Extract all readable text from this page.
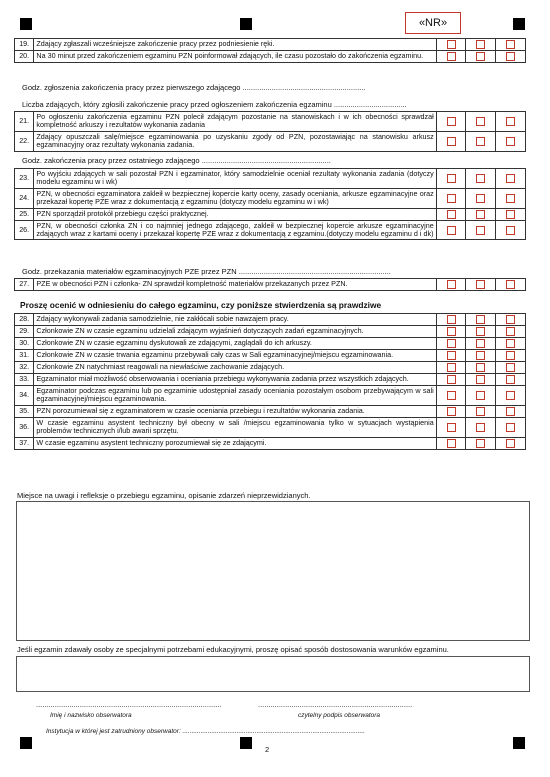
«NR»
19.	Zdający zgłaszali wcześniejsze zakończenie pracy przez podniesienie ręki.			
20.	Na 30 minut przed zakończeniem egzaminu PZN poinformował zdających, ile czasu pozostało do zakończenia egzaminu.			
Godz. zgłoszenia zakończenia pracy przez pierwszego zdającego ...........................................................
Liczba zdających, który zgłosili zakończenie pracy przed ogłoszeniem zakończenia egzaminu ...................................
21.	Po ogłoszeniu zakończenia egzaminu PZN polecił zdającym pozostanie na stanowiskach i w ich obecności sprawdzał kompletność arkuszy i rezultatów wykonania zadania			
22.	Zdający opuszczali salę/miejsce egzaminowania po uzyskaniu zgody od PZN, pozostawiając na stanowisku arkusz egzaminacyjny oraz rezultaty wykonania zadania.			
Godz. zakończenia pracy przez ostatniego zdającego ..............................................................
23.	Po wyjściu zdających w sali pozostał PZN i egzaminator, który samodzielnie oceniał rezultaty wykonania zadania (dotyczy modelu egzaminu w i wk)			
24.	PZN, w obecności egzaminatora zakleił w bezpiecznej kopercie karty oceny, zasady oceniania, arkusze egzaminacyjne oraz przekazał kopertę PZE wraz z dokumentacją z egzaminu (dotyczy modelu egzaminu w i wk)			
25.	PZN sporządził protokół przebiegu części praktycznej.			
26.	PZN, w obecności członka ZN i co najmniej jednego zdającego, zakleił w bezpiecznej kopercie arkusze egzaminacyjne zdających wraz z kartami oceny i przekazał kopertę PZE wraz z dokumentacją z egzaminu.(dotyczy modelu egzaminu d i dk)			
Godz. przekazania materiałów egzaminacyjnych PZE przez PZN .........................................................................
27.	PZE w obecności PZN i członka- ZN sprawdził kompletność materiałów przekazanych przez PZN.			
Proszę ocenić w odniesieniu do całego egzaminu, czy poniższe stwierdzenia są prawdziwe
28.	Zdający wykonywali zadania samodzielnie, nie zakłócali sobie nawzajem pracy.			
29.	Członkowie ZN w czasie egzaminu udzielali zdającym wyjaśnień dotyczących zadań egzaminacyjnych.			
30.	Członkowie ZN w czasie egzaminu dyskutowali ze zdającymi, zaglądali do ich arkuszy.			
31.	Członkowie ZN w czasie trwania egzaminu przebywali cały czas w Sali egzaminacyjnej/miejscu egzaminowania.			
32.	Członkowie ZN natychmiast reagowali na niewłaściwe zachowanie zdających.			
33.	Egzaminator miał możliwość obserwowania i oceniania przebiegu wykonywania zadania przez wszystkich zdających.			
34.	Egzaminator podczas egzaminu lub po egzaminie udostępniał zasady oceniania pozostałym osobom przebywającym w sali egzaminacyjnej/miejscu egzaminowania.			
35.	PZN porozumiewał się z egzaminatorem w czasie oceniania przebiegu i rezultatów wykonania zadania.			
36.	W czasie egzaminu asystent techniczny był obecny w sali /miejscu egzaminowania tylko w sytuacjach wystąpienia problemów technicznych i/lub awarii sprzętu.			
37.	W czasie egzaminu asystent techniczny porozumiewał się ze zdającymi.			
Miejsce na uwagi i refleksje o przebiegu egzaminu, opisanie zdarzeń nieprzewidzianych.
Jeśli egzamin zdawały osoby ze specjalnymi potrzebami edukacyjnymi, proszę opisać sposób dostosowania warunków egzaminu.
.........................................................................................	..........................................................................
Imię i nazwisko obserwatora	czytelny podpis obserwatora
Instytucja w której jest zatrudniony obserwator: .....................................................................................................
2
